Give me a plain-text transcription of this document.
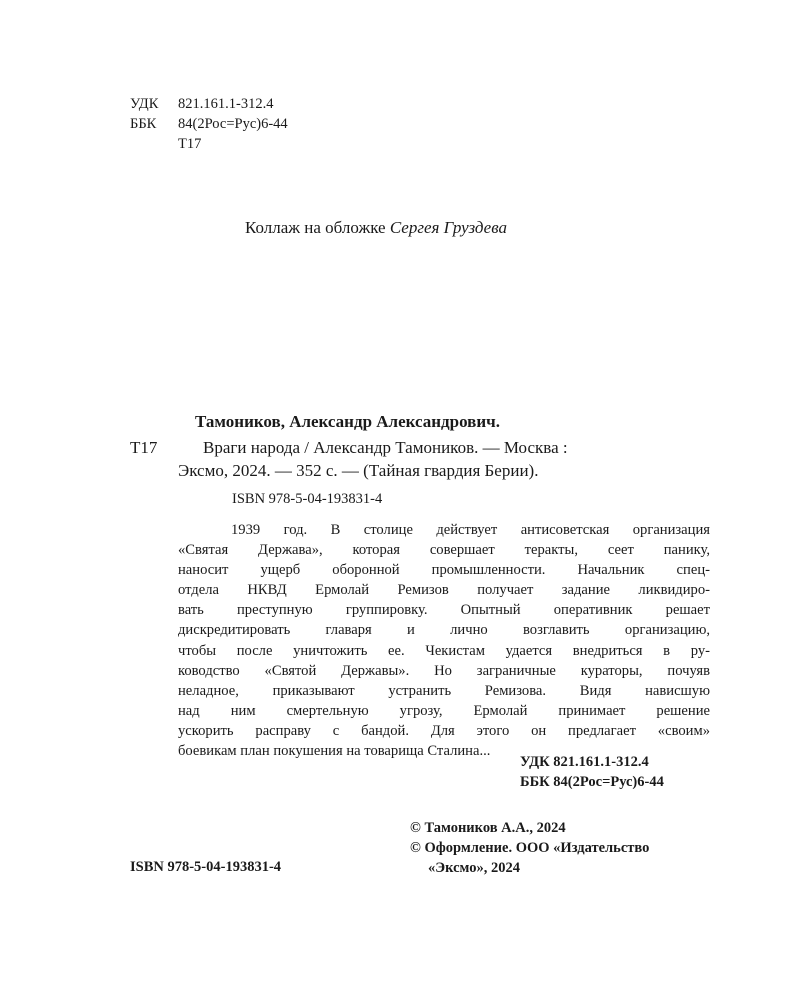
УДК 821.161.1-312.4
ББК 84(2Рос=Рус)6-44
Т17
Коллаж на обложке Сергея Груздева
Тамоников, Александр Александрович.
Т17	Враги народа / Александр Тамоников. — Москва :
Эксмо, 2024. — 352 с. — (Тайная гвардия Берии).
ISBN 978-5-04-193831-4
1939 год. В столице действует антисоветская организация
«Святая Держава», которая совершает теракты, сеет панику,
наносит ущерб оборонной промышленности. Начальник спец-
отдела НКВД Ермолай Ремизов получает задание ликвидиро-
вать преступную группировку. Опытный оперативник решает
дискредитировать главаря и лично возглавить организацию,
чтобы после уничтожить ее. Чекистам удается внедриться в ру-
ководство «Святой Державы». Но заграничные кураторы, почуяв
неладное, приказывают устранить Ремизова. Видя нависшую
над ним смертельную угрозу, Ермолай принимает решение
ускорить расправу с бандой. Для этого он предлагает «своим»
боевикам план покушения на товарища Сталина...
УДК 821.161.1-312.4
ББК 84(2Рос=Рус)6-44
© Тамоников А.А., 2024
© Оформление. ООО «Издательство
«Эксмо», 2024
ISBN 978-5-04-193831-4
